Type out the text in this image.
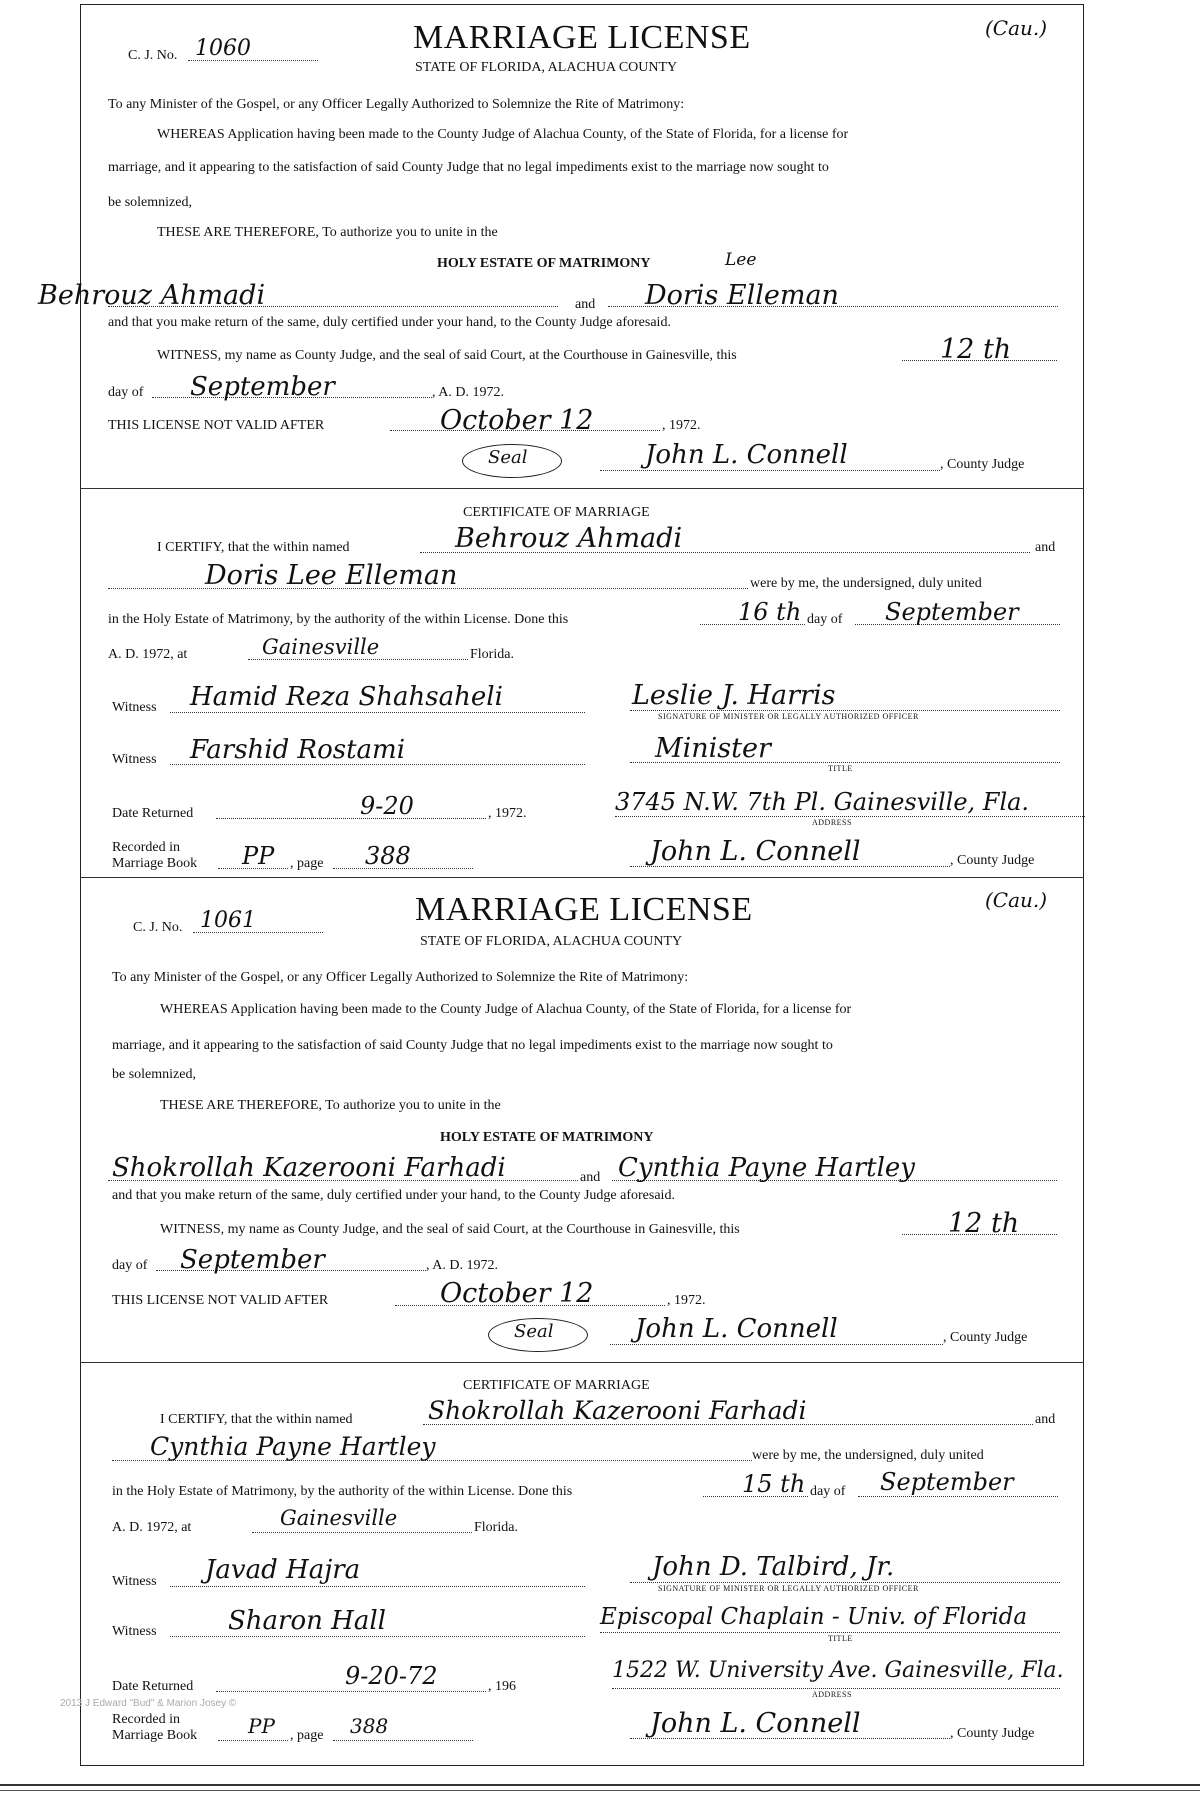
C. J. No. 1060	MARRIAGE LICENSE	(Cau.)
STATE OF FLORIDA, ALACHUA COUNTY
To any Minister of the Gospel, or any Officer Legally Authorized to Solemnize the Rite of Matrimony:
WHEREAS Application having been made to the County Judge of Alachua County, of the State of Florida, for a license for
marriage, and it appearing to the satisfaction of said County Judge that no legal impediments exist to the marriage now sought to
be solemnized,
THESE ARE THEREFORE, To authorize you to unite in the
HOLY ESTATE OF MATRIMONY	Lee
Behrouz Ahmadi	and Doris Elleman
and that you make return of the same, duly certified under your hand, to the County Judge aforesaid.
WITNESS, my name as County Judge, and the seal of said Court, at the Courthouse in Gainesville, this	12 th
day of September	, A. D. 1972.
THIS LICENSE NOT VALID AFTER	October 12	, 1972.
Seal	John L. Connell	, County Judge
CERTIFICATE OF MARRIAGE
I CERTIFY, that the within named	Behrouz Ahmadi	and
Doris Lee Elleman	were by me, the undersigned, duly united
in the Holy Estate of Matrimony, by the authority of the within License. Done this	16 th day of September
A. D. 1972, at	Gainesville	Florida.
Witness Hamid Reza Shahsaheli	Leslie J. Harris
SIGNATURE OF MINISTER OR LEGALLY AUTHORIZED OFFICER
Witness Farshid Rostami	Minister
TITLE
Date Returned	9-20	, 1972.	3745 N.W. 7th Pl. Gainesville, Fla.
ADDRESS
Recorded in
Marriage Book PP , page 388	John L. Connell	, County Judge
C. J. No. 1061	MARRIAGE LICENSE	(Cau.)
STATE OF FLORIDA, ALACHUA COUNTY
To any Minister of the Gospel, or any Officer Legally Authorized to Solemnize the Rite of Matrimony:
WHEREAS Application having been made to the County Judge of Alachua County, of the State of Florida, for a license for
marriage, and it appearing to the satisfaction of said County Judge that no legal impediments exist to the marriage now sought to
be solemnized,
THESE ARE THEREFORE, To authorize you to unite in the
HOLY ESTATE OF MATRIMONY
Shokrollah Kazerooni Farhadi	and Cynthia Payne Hartley
and that you make return of the same, duly certified under your hand, to the County Judge aforesaid.
WITNESS, my name as County Judge, and the seal of said Court, at the Courthouse in Gainesville, this	12 th
day of September	, A. D. 1972.
THIS LICENSE NOT VALID AFTER	October 12	, 1972.
Seal	John L. Connell	, County Judge
CERTIFICATE OF MARRIAGE
I CERTIFY, that the within named	Shokrollah Kazerooni Farhadi	and
Cynthia Payne Hartley	were by me, the undersigned, duly united
in the Holy Estate of Matrimony, by the authority of the within License. Done this	15 th day of September
A. D. 1972, at	Gainesville	Florida.
Witness Javad Hajra	John D. Talbird, Jr.
SIGNATURE OF MINISTER OR LEGALLY AUTHORIZED OFFICER
Witness	Sharon Hall	Episcopal Chaplain - Univ. of Florida
TITLE
Date Returned	9-20-72	, 196
1522 W. University Ave. Gainesville, Fla.
ADDRESS
Recorded in
Marriage Book	PP , page 388	John L. Connell	, County Judge
2013 J Edward "Bud" & Marion Josey ©
